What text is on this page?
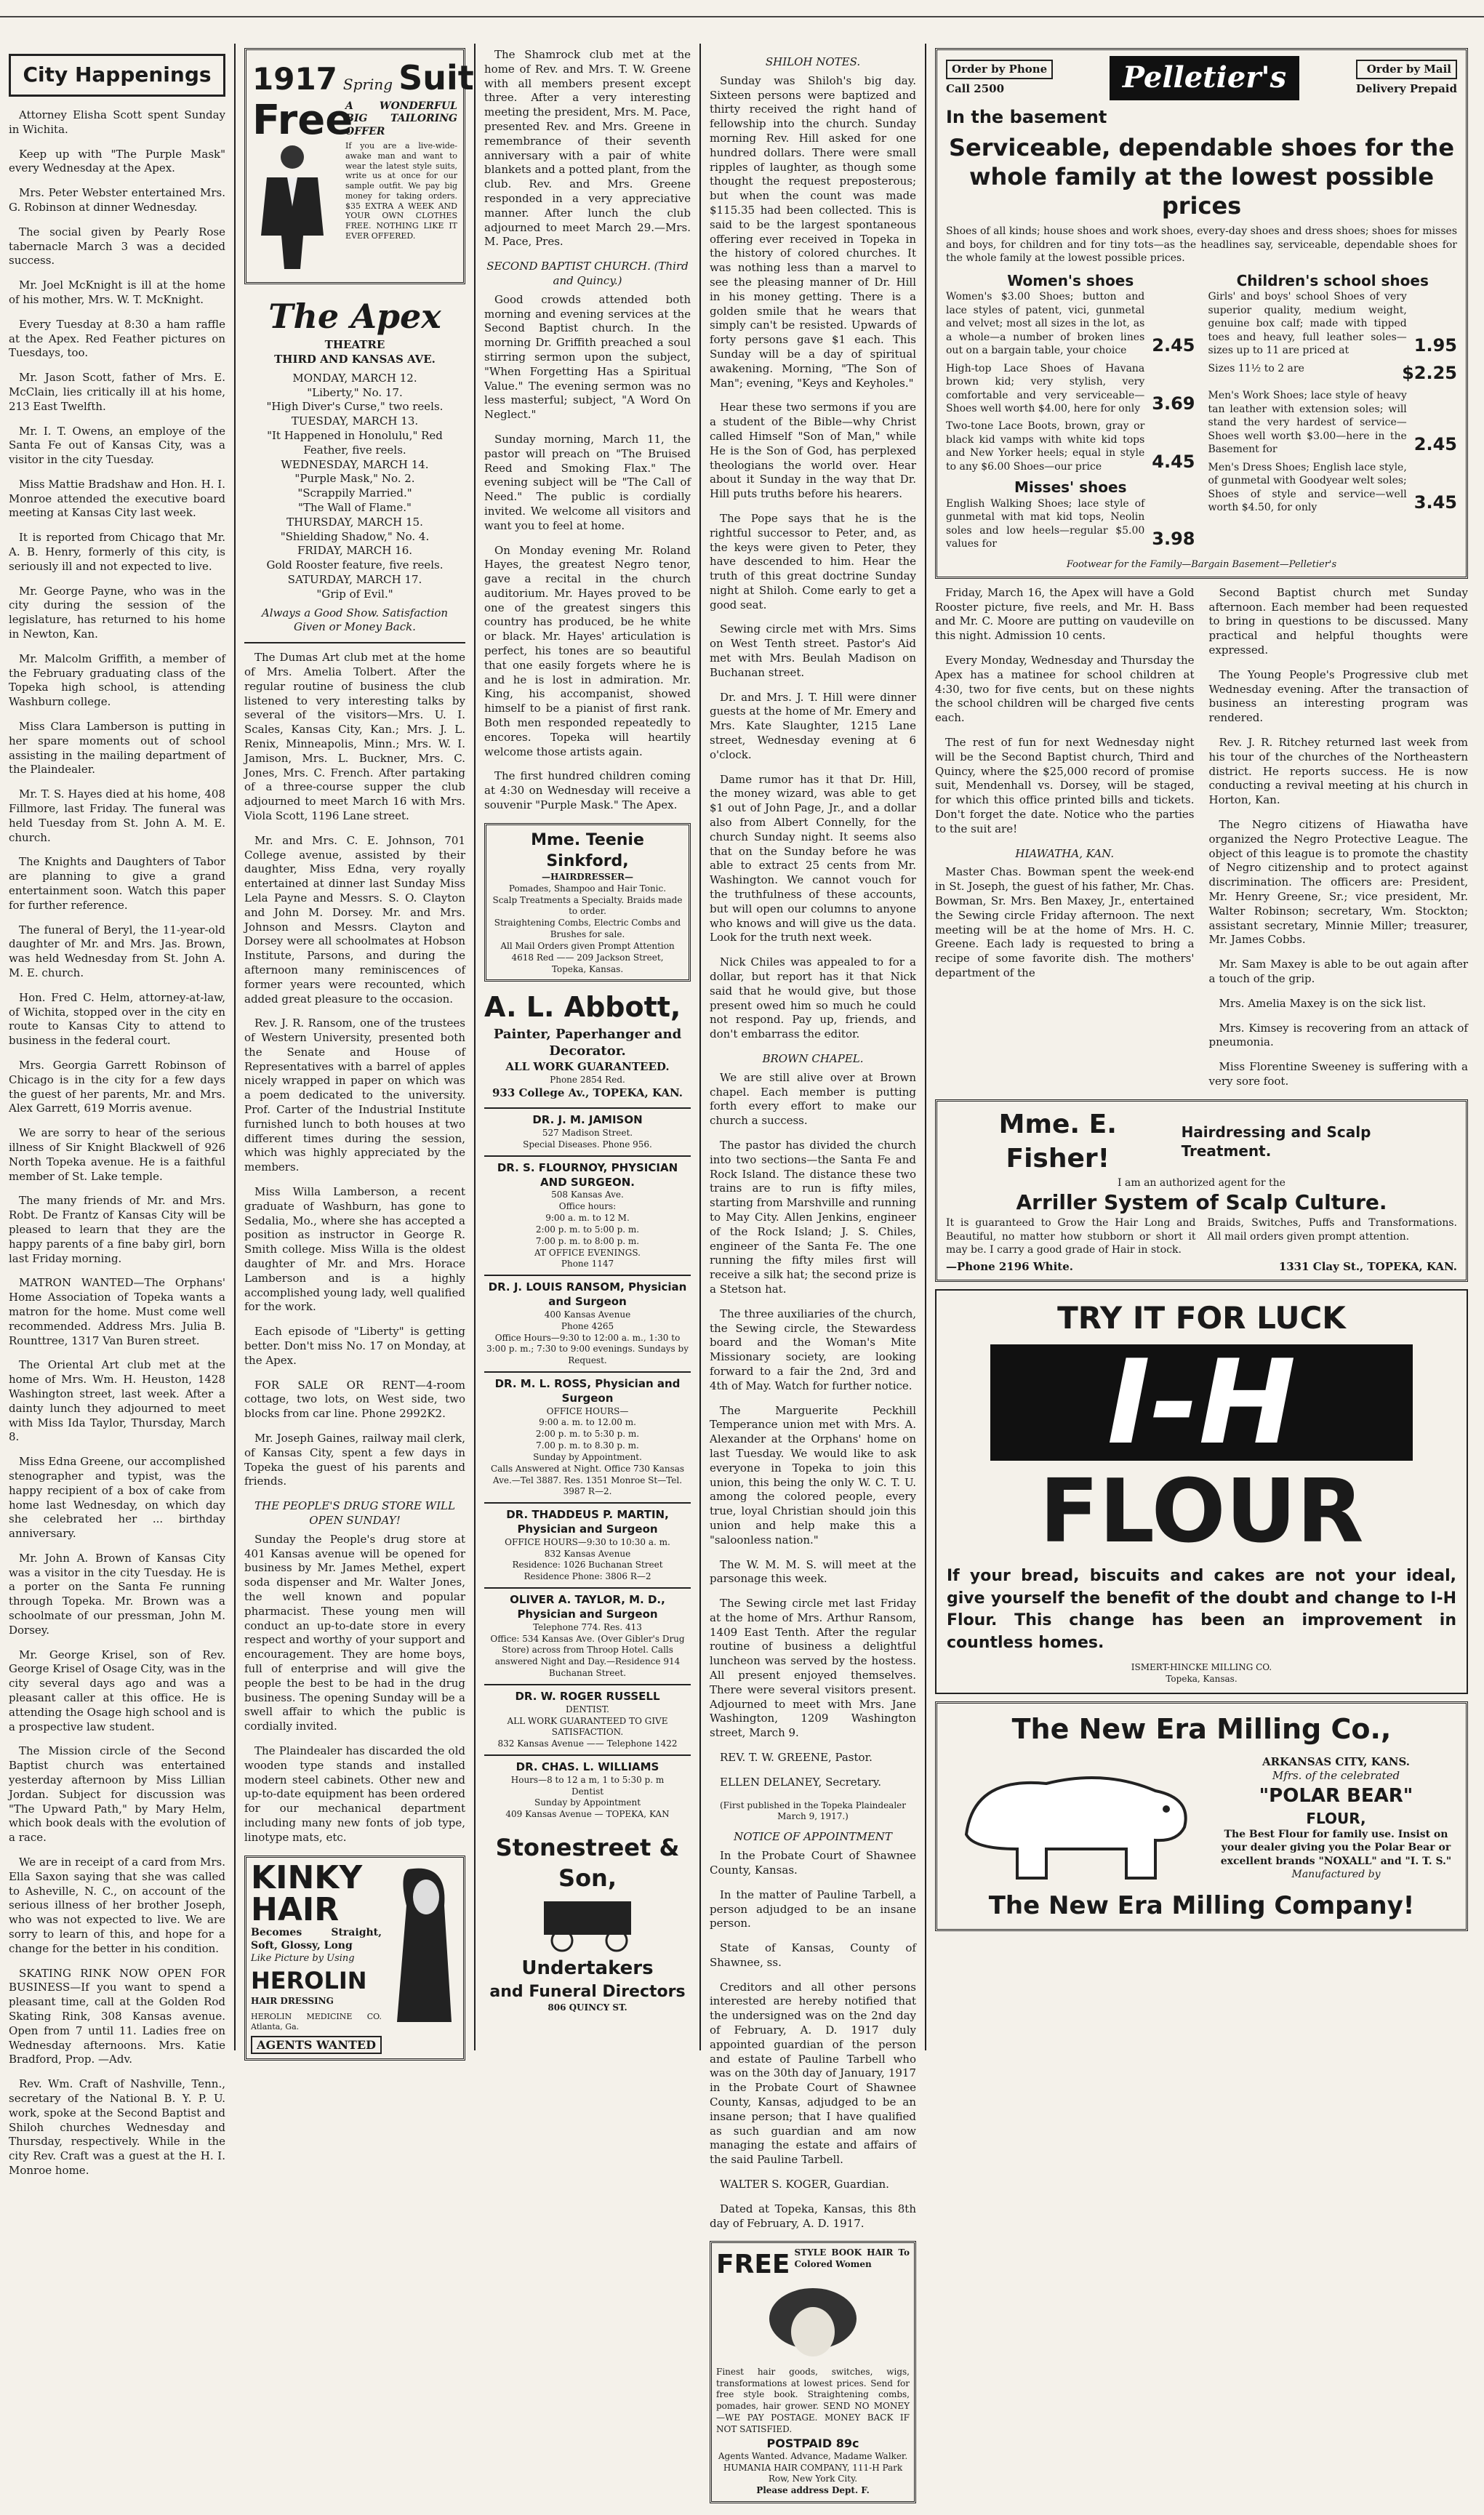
City Happenings

Attorney Elisha Scott spent Sunday in Wichita.

Keep up with "The Purple Mask" every Wednesday at the Apex.

Mrs. Peter Webster entertained Mrs. G. Robinson at dinner Wednesday.

The social given by Pearly Rose tabernacle March 3 was a decided success.

Mr. Joel McKnight is ill at the home of his mother, Mrs. W. T. McKnight.

Every Tuesday at 8:30 a ham raffle at the Apex. Red Feather pictures on Tuesdays, too.

Mr. Jason Scott, father of Mrs. E. McClain, lies critically ill at his home, 213 East Twelfth.

Mr. I. T. Owens, an employe of the Santa Fe out of Kansas City, was a visitor in the city Tuesday.

Miss Mattie Bradshaw and Hon. H. I. Monroe attended the executive board meeting at Kansas City last week.

It is reported from Chicago that Mr. A. B. Henry, formerly of this city, is seriously ill and not expected to live.

Mr. George Payne, who was in the city during the session of the legislature, has returned to his home in Newton, Kan.

Mr. Malcolm Griffith, a member of the February graduating class of the Topeka high school, is attending Washburn college.

Miss Clara Lamberson is putting in her spare moments out of school assisting in the mailing department of the Plaindealer.

Mr. T. S. Hayes died at his home, 408 Fillmore, last Friday. The funeral was held Tuesday from St. John A. M. E. church.

The Knights and Daughters of Tabor are planning to give a grand entertainment soon. Watch this paper for further reference.

The funeral of Beryl, the 11-year-old daughter of Mr. and Mrs. Jas. Brown, was held Wednesday from St. John A. M. E. church.

Hon. Fred C. Helm, attorney-at-law, of Wichita, stopped over in the city en route to Kansas City to attend to business in the federal court.

Mrs. Georgia Garrett Robinson of Chicago is in the city for a few days the guest of her parents, Mr. and Mrs. Alex Garrett, 619 Morris avenue.

We are sorry to hear of the serious illness of Sir Knight Blackwell of 926 North Topeka avenue. He is a faithful member of St. Lake temple.

The many friends of Mr. and Mrs. Robt. De Frantz of Kansas City will be pleased to learn that they are the happy parents of a fine baby girl, born last Friday morning.

MATRON WANTED—The Orphans' Home Association of Topeka wants a matron for the home. Must come well recommended. Address Mrs. Julia B. Rounttree, 1317 Van Buren street.

The Oriental Art club met at the home of Mrs. Wm. H. Heuston, 1428 Washington street, last week. After a dainty lunch they adjourned to meet with Miss Ida Taylor, Thursday, March 8.

Miss Edna Greene, our accomplished stenographer and typist, was the happy recipient of a box of cake from home last Wednesday, on which day she celebrated her ... birthday anniversary.

Mr. John A. Brown of Kansas City was a visitor in the city Tuesday. He is a porter on the Santa Fe running through Topeka. Mr. Brown was a schoolmate of our pressman, John M. Dorsey.

Mr. George Krisel, son of Rev. George Krisel of Osage City, was in the city several days ago and was a pleasant caller at this office. He is attending the Osage high school and is a prospective law student.

The Mission circle of the Second Baptist church was entertained yesterday afternoon by Miss Lillian Jordan. Subject for discussion was "The Upward Path," by Mary Helm, which book deals with the evolution of a race.

We are in receipt of a card from Mrs. Ella Saxon saying that she was called to Asheville, N. C., on account of the serious illness of her brother Joseph, who was not expected to live. We are sorry to learn of this, and hope for a change for the better in his condition.

SKATING RINK NOW OPEN FOR BUSINESS—If you want to spend a pleasant time, call at the Golden Rod Skating Rink, 308 Kansas avenue. Open from 7 until 11. Ladies free on Wednesday afternoons. Mrs. Katie Bradford, Prop. —Adv.

Rev. Wm. Craft of Nashville, Tenn., secretary of the National B. Y. P. U. work, spoke at the Second Baptist and Shiloh churches Wednesday and Thursday, respectively. While in the city Rev. Craft was a guest at the H. I. Monroe home.

1917 Spring Suit
Free
A WONDERFUL BIG TAILORING OFFER
If you are a live-wide-awake man and want to wear the latest style suits, write us at once for our sample outfit. We pay big money for taking orders. $35 EXTRA A WEEK AND YOUR OWN CLOTHES FREE. NOTHING LIKE IT EVER OFFERED.
The Apex
THEATRE
THIRD AND KANSAS AVE.
MONDAY, MARCH 12.
"Liberty," No. 17.
"High Diver's Curse," two reels.
TUESDAY, MARCH 13.
"It Happened in Honolulu," Red Feather, five reels.
WEDNESDAY, MARCH 14.
"Purple Mask," No. 2.
"Scrappily Married."
"The Wall of Flame."
THURSDAY, MARCH 15.
"Shielding Shadow," No. 4.
FRIDAY, MARCH 16.
Gold Rooster feature, five reels.
SATURDAY, MARCH 17.
"Grip of Evil."
Always a Good Show. Satisfaction Given or Money Back.

The Dumas Art club met at the home of Mrs. Amelia Tolbert. After the regular routine of business the club listened to very interesting talks by several of the visitors—Mrs. U. I. Scales, Kansas City, Kan.; Mrs. J. L. Renix, Minneapolis, Minn.; Mrs. W. I. Jamison, Mrs. L. Buckner, Mrs. C. Jones, Mrs. C. French. After partaking of a three-course supper the club adjourned to meet March 16 with Mrs. Viola Scott, 1196 Lane street.

Mr. and Mrs. C. E. Johnson, 701 College avenue, assisted by their daughter, Miss Edna, very royally entertained at dinner last Sunday Miss Lela Payne and Messrs. S. O. Clayton and John M. Dorsey. Mr. and Mrs. Johnson and Messrs. Clayton and Dorsey were all schoolmates at Hobson Institute, Parsons, and during the afternoon many reminiscences of former years were recounted, which added great pleasure to the occasion.

Rev. J. R. Ransom, one of the trustees of Western University, presented both the Senate and House of Representatives with a barrel of apples nicely wrapped in paper on which was a poem dedicated to the university. Prof. Carter of the Industrial Institute furnished lunch to both houses at two different times during the session, which was highly appreciated by the members.

Miss Willa Lamberson, a recent graduate of Washburn, has gone to Sedalia, Mo., where she has accepted a position as instructor in George R. Smith college. Miss Willa is the oldest daughter of Mr. and Mrs. Horace Lamberson and is a highly accomplished young lady, well qualified for the work.

Each episode of "Liberty" is getting better. Don't miss No. 17 on Monday, at the Apex.

FOR SALE OR RENT—4-room cottage, two lots, on West side, two blocks from car line. Phone 2992K2.

Mr. Joseph Gaines, railway mail clerk, of Kansas City, spent a few days in Topeka the guest of his parents and friends.

THE PEOPLE'S DRUG STORE WILL OPEN SUNDAY!

Sunday the People's drug store at 401 Kansas avenue will be opened for business by Mr. James Methel, expert soda dispenser and Mr. Walter Jones, the well known and popular pharmacist. These young men will conduct an up-to-date store in every respect and worthy of your support and encouragement. They are home boys, full of enterprise and will give the people the best to be had in the drug business. The opening Sunday will be a swell affair to which the public is cordially invited.

The Plaindealer has discarded the old wooden type stands and installed modern steel cabinets. Other new and up-to-date equipment has been ordered for our mechanical department including many new fonts of job type, linotype mats, etc.

KINKY HAIR
Becomes Straight, Soft, Glossy, Long
Like Picture by Using
HEROLIN
HAIR DRESSING
HEROLIN MEDICINE CO. Atlanta, Ga.
AGENTS WANTED

The Shamrock club met at the home of Rev. and Mrs. T. W. Greene with all members present except three. After a very interesting meeting the president, Mrs. M. Pace, presented Rev. and Mrs. Greene in remembrance of their seventh anniversary with a pair of white blankets and a potted plant, from the club. Rev. and Mrs. Greene responded in a very appreciative manner. After lunch the club adjourned to meet March 29.—Mrs. M. Pace, Pres.

SECOND BAPTIST CHURCH. (Third and Quincy.)

Good crowds attended both morning and evening services at the Second Baptist church. In the morning Dr. Griffith preached a soul stirring sermon upon the subject, "When Forgetting Has a Spiritual Value." The evening sermon was no less masterful; subject, "A Word On Neglect."

Sunday morning, March 11, the pastor will preach on "The Bruised Reed and Smoking Flax." The evening subject will be "The Call of Need." The public is cordially invited. We welcome all visitors and want you to feel at home.

On Monday evening Mr. Roland Hayes, the greatest Negro tenor, gave a recital in the church auditorium. Mr. Hayes proved to be one of the greatest singers this country has produced, be he white or black. Mr. Hayes' articulation is perfect, his tones are so beautiful that one easily forgets where he is and he is lost in admiration. Mr. King, his accompanist, showed himself to be a pianist of first rank. Both men responded repeatedly to encores. Topeka will heartily welcome those artists again.

The first hundred children coming at 4:30 on Wednesday will receive a souvenir "Purple Mask." The Apex.

Mme. Teenie Sinkford,
—HAIRDRESSER—
Pomades, Shampoo and Hair Tonic.
Scalp Treatments a Specialty. Braids made to order.
Straightening Combs, Electric Combs and Brushes for sale.
All Mail Orders given Prompt Attention
4618 Red —— 209 Jackson Street,
Topeka, Kansas.
A. L. Abbott,
Painter, Paperhanger and Decorator.
ALL WORK GUARANTEED.
Phone 2854 Red.
933 College Av., TOPEKA, KAN.
DR. J. M. JAMISON
527 Madison Street.
Special Diseases. Phone 956.
DR. S. FLOURNOY, PHYSICIAN AND SURGEON.
508 Kansas Ave.
Office hours:
9:00 a. m. to 12 M.
2:00 p. m. to 5:00 p. m.
7:00 p. m. to 8:00 p. m.
AT OFFICE EVENINGS.
Phone 1147
DR. J. LOUIS RANSOM, Physician and Surgeon
400 Kansas Avenue
Phone 4265
Office Hours—9:30 to 12:00 a. m., 1:30 to 3:00 p. m.; 7:30 to 9:00 evenings. Sundays by Request.
DR. M. L. ROSS, Physician and Surgeon
OFFICE HOURS—
9:00 a. m. to 12.00 m.
2:00 p. m. to 5:30 p. m.
7.00 p. m. to 8.30 p. m.
Sunday by Appointment.
Calls Answered at Night. Office 730 Kansas Ave.—Tel 3887. Res. 1351 Monroe St—Tel. 3987 R—2.
DR. THADDEUS P. MARTIN, Physician and Surgeon
OFFICE HOURS—9:30 to 10:30 a. m.
832 Kansas Avenue
Residence: 1026 Buchanan Street
Residence Phone: 3806 R—2
OLIVER A. TAYLOR, M. D., Physician and Surgeon
Telephone 774. Res. 413
Office: 534 Kansas Ave. (Over Gibler's Drug Store) across from Throop Hotel. Calls answered Night and Day.—Residence 914 Buchanan Street.
DR. W. ROGER RUSSELL
DENTIST.
ALL WORK GUARANTEED TO GIVE SATISFACTION.
832 Kansas Avenue —— Telephone 1422
DR. CHAS. L. WILLIAMS
Hours—8 to 12 a m, 1 to 5:30 p. m
Dentist
Sunday by Appointment
409 Kansas Avenue — TOPEKA, KAN
Stonestreet & Son,
Undertakers
and Funeral Directors
806 QUINCY ST.
SHILOH NOTES.

Sunday was Shiloh's big day. Sixteen persons were baptized and thirty received the right hand of fellowship into the church. Sunday morning Rev. Hill asked for one hundred dollars. There were small ripples of laughter, as though some thought the request preposterous; but when the count was made $115.35 had been collected. This is said to be the largest spontaneous offering ever received in Topeka in the history of colored churches. It was nothing less than a marvel to see the pleasing manner of Dr. Hill in his money getting. There is a golden smile that he wears that simply can't be resisted. Upwards of forty persons gave $1 each. This Sunday will be a day of spiritual awakening. Morning, "The Son of Man"; evening, "Keys and Keyholes."

Hear these two sermons if you are a student of the Bible—why Christ called Himself "Son of Man," while He is the Son of God, has perplexed theologians the world over. Hear about it Sunday in the way that Dr. Hill puts truths before his hearers.

The Pope says that he is the rightful successor to Peter, and, as the keys were given to Peter, they have descended to him. Hear the truth of this great doctrine Sunday night at Shiloh. Come early to get a good seat.

Sewing circle met with Mrs. Sims on West Tenth street. Pastor's Aid met with Mrs. Beulah Madison on Buchanan street.

Dr. and Mrs. J. T. Hill were dinner guests at the home of Mr. Emery and Mrs. Kate Slaughter, 1215 Lane street, Wednesday evening at 6 o'clock.

Dame rumor has it that Dr. Hill, the money wizard, was able to get $1 out of John Page, Jr., and a dollar also from Albert Connelly, for the church Sunday night. It seems also that on the Sunday before he was able to extract 25 cents from Mr. Washington. We cannot vouch for the truthfulness of these accounts, but will open our columns to anyone who knows and will give us the data. Look for the truth next week.

Nick Chiles was appealed to for a dollar, but report has it that Nick said that he would give, but those present owed him so much he could not respond. Pay up, friends, and don't embarrass the editor.

BROWN CHAPEL.

We are still alive over at Brown chapel. Each member is putting forth every effort to make our church a success.

The pastor has divided the church into two sections—the Santa Fe and Rock Island. The distance these two trains are to run is fifty miles, starting from Marshville and running to May City. Allen Jenkins, engineer of the Rock Island; J. S. Chiles, engineer of the Santa Fe. The one running the fifty miles first will receive a silk hat; the second prize is a Stetson hat.

The three auxiliaries of the church, the Sewing circle, the Stewardess board and the Woman's Mite Missionary society, are looking forward to a fair the 2nd, 3rd and 4th of May. Watch for further notice.

The Marguerite Peckhill Temperance union met with Mrs. A. Alexander at the Orphans' home on last Tuesday. We would like to ask everyone in Topeka to join this union, this being the only W. C. T. U. among the colored people, every true, loyal Christian should join this union and help make this a "saloonless nation."

The W. M. M. S. will meet at the parsonage this week.

The Sewing circle met last Friday at the home of Mrs. Arthur Ransom, 1409 East Tenth. After the regular routine of business a delightful luncheon was served by the hostess. All present enjoyed themselves. There were several visitors present. Adjourned to meet with Mrs. Jane Washington, 1209 Washington street, March 9.

REV. T. W. GREENE, Pastor.

ELLEN DELANEY, Secretary.

(First published in the Topeka Plaindealer March 9, 1917.)
NOTICE OF APPOINTMENT

In the Probate Court of Shawnee County, Kansas.

In the matter of Pauline Tarbell, a person adjudged to be an insane person.

State of Kansas, County of Shawnee, ss.

Creditors and all other persons interested are hereby notified that the undersigned was on the 2nd day of February, A. D. 1917 duly appointed guardian of the person and estate of Pauline Tarbell who was on the 30th day of January, 1917 in the Probate Court of Shawnee County, Kansas, adjudged to be an insane person; that I have qualified as such guardian and am now managing the estate and affairs of the said Pauline Tarbell.

WALTER S. KOGER, Guardian.

Dated at Topeka, Kansas, this 8th day of February, A. D. 1917.

FREE STYLE BOOK HAIR To Colored Women
Finest hair goods, switches, wigs, transformations at lowest prices. Send for free style book. Straightening combs, pomades, hair grower. SEND NO MONEY—WE PAY POSTAGE. MONEY BACK IF NOT SATISFIED.
POSTPAID 89c
Agents Wanted. Advance, Madame Walker. HUMANIA HAIR COMPANY, 111-H Park Row, New York City.
Please address Dept. F.
Order by Phone
Call 2500	Pelletier's	Order by Mail
Delivery Prepaid
In the basement
Serviceable, dependable shoes for the whole family at the lowest possible prices
Shoes of all kinds; house shoes and work shoes, every-day shoes and dress shoes; shoes for misses and boys, for children and for tiny tots—as the headlines say, serviceable, dependable shoes for the whole family at the lowest possible prices.
Women's shoes
Women's $3.00 Shoes; button and lace styles of patent, vici, gunmetal and velvet; most all sizes in the lot, as a whole—a number of broken lines out on a bargain table, your choice	2.45
High-top Lace Shoes of Havana brown kid; very stylish, very comfortable and very serviceable—Shoes well worth $4.00, here for only 3.69
Two-tone Lace Boots, brown, gray or black kid vamps with white kid tops and New Yorker heels; equal in style to any $6.00 Shoes—our price	4.45
Misses' shoes
English Walking Shoes; lace style of gunmetal with mat kid tops, Neolin soles and low heels—regular $5.00 values for	3.98
Children's school shoes
Girls' and boys' school Shoes of very superior quality, medium weight, genuine box calf; made with tipped toes and heavy, full leather soles—sizes up to 11 are priced at	1.95
Sizes 11½ to 2 are	$2.25
Men's Work Shoes; lace style of heavy tan leather with extension soles; will stand the very hardest of service—Shoes well worth $3.00—here in the Basement for	2.45
Men's Dress Shoes; English lace style, of gunmetal with Goodyear welt soles; Shoes of style and service—well worth $4.50, for only	3.45
Footwear for the Family—Bargain Basement—Pelletier's

Friday, March 16, the Apex will have a Gold Rooster picture, five reels, and Mr. H. Bass and Mr. C. Moore are putting on vaudeville on this night. Admission 10 cents.

Every Monday, Wednesday and Thursday the Apex has a matinee for school children at 4:30, two for five cents, but on these nights the school children will be charged five cents each.

The rest of fun for next Wednesday night will be the Second Baptist church, Third and Quincy, where the $25,000 record of promise suit, Mendenhall vs. Dorsey, will be staged, for which this office printed bills and tickets. Don't forget the date. Notice who the parties to the suit are!

HIAWATHA, KAN.

Master Chas. Bowman spent the week-end in St. Joseph, the guest of his father, Mr. Chas. Bowman, Sr. Mrs. Ben Maxey, Jr., entertained the Sewing circle Friday afternoon. The next meeting will be at the home of Mrs. H. C. Greene. Each lady is requested to bring a recipe of some favorite dish. The mothers' department of the

Second Baptist church met Sunday afternoon. Each member had been requested to bring in questions to be discussed. Many practical and helpful thoughts were expressed.

The Young People's Progressive club met Wednesday evening. After the transaction of business an interesting program was rendered.

Rev. J. R. Ritchey returned last week from his tour of the churches of the Northeastern district. He reports success. He is now conducting a revival meeting at his church in Horton, Kan.

The Negro citizens of Hiawatha have organized the Negro Protective League. The object of this league is to promote the chastity of Negro citizenship and to protect against discrimination. The officers are: President, Mr. Henry Greene, Sr.; vice president, Mr. Walter Robinson; secretary, Wm. Stockton; assistant secretary, Minnie Miller; treasurer, Mr. James Cobbs.

Mr. Sam Maxey is able to be out again after a touch of the grip.

Mrs. Amelia Maxey is on the sick list.

Mrs. Kimsey is recovering from an attack of pneumonia.

Miss Florentine Sweeney is suffering with a very sore foot.

Mme. E. Fisher!
Hairdressing and Scalp Treatment.
I am an authorized agent for the
Arriller System of Scalp Culture.
It is guaranteed to Grow the Hair Long and Beautiful, no matter how stubborn or short it may be. I carry a good grade of Hair in stock.
Braids, Switches, Puffs and Transformations. All mail orders given prompt attention.
—Phone 2196 White.	1331 Clay St., TOPEKA, KAN.
TRY IT FOR LUCK
I-H
FLOUR
If your bread, biscuits and cakes are not your ideal, give yourself the benefit of the doubt and change to I-H Flour. This change has been an improvement in countless homes.
ISMERT-HINCKE MILLING CO.
Topeka, Kansas.
The New Era Milling Co.,
ARKANSAS CITY, KANS.
Mfrs. of the celebrated
"POLAR BEAR"
FLOUR,
The Best Flour for family use. Insist on your dealer giving you the Polar Bear or excellent brands "NOXALL" and "I. T. S."
Manufactured by
The New Era Milling Company!
